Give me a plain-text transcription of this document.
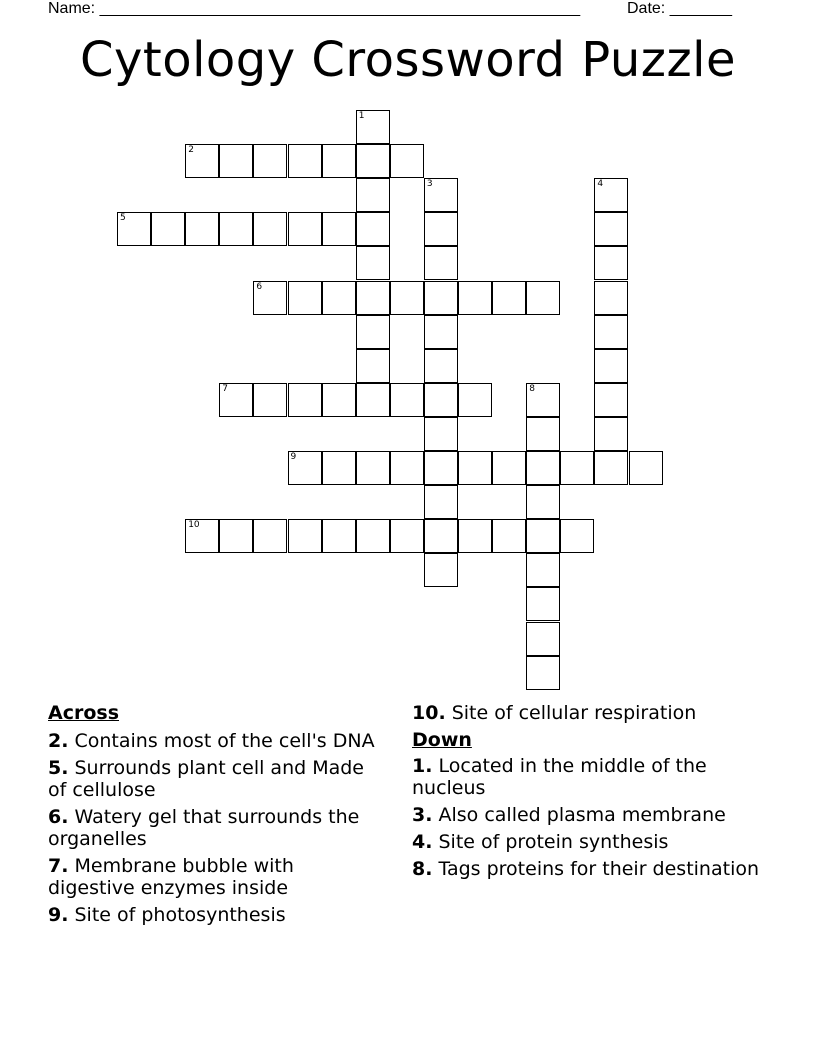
Name: ______________________________________________________	Date: _______
Cytology Crossword Puzzle
1
2
3	4
5
6
7	8
9
10
Across
2. Contains most of the cell's DNA
5. Surrounds plant cell and Made of cellulose
6. Watery gel that surrounds the organelles
7. Membrane bubble with digestive enzymes inside
9. Site of photosynthesis
10. Site of cellular respiration
Down
1. Located in the middle of the nucleus
3. Also called plasma membrane
4. Site of protein synthesis
8. Tags proteins for their destination
